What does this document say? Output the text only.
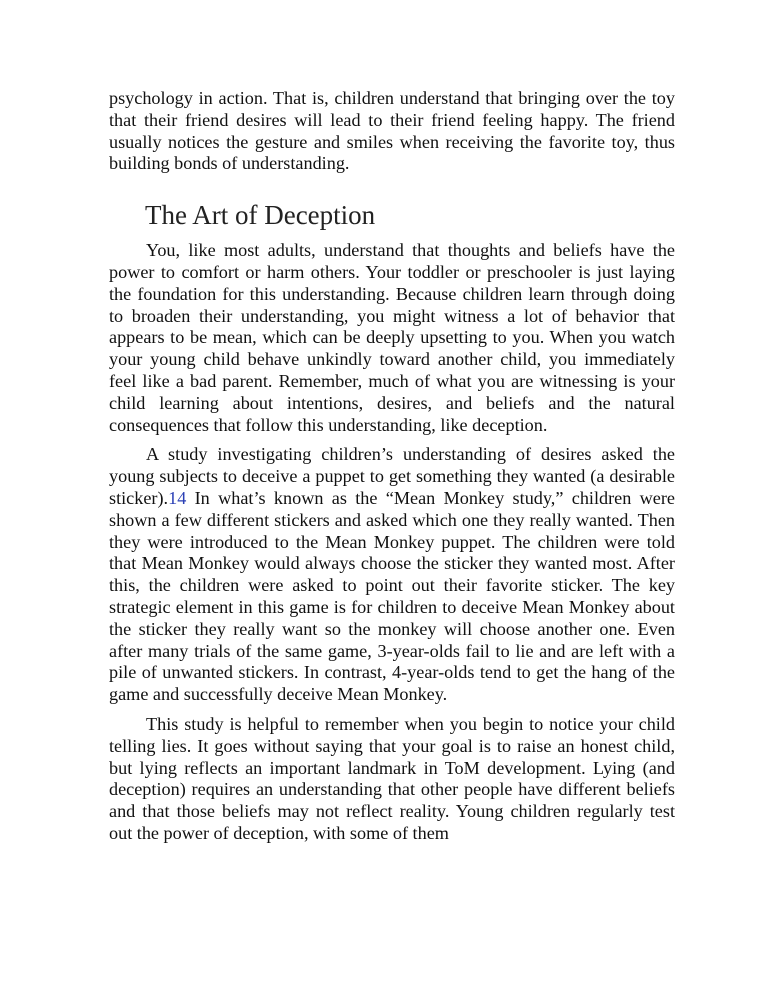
psychology in action. That is, children understand that bringing over the toy that their friend desires will lead to their friend feeling happy. The friend usually notices the gesture and smiles when receiving the favorite toy, thus building bonds of understanding.

The Art of Deception

You, like most adults, understand that thoughts and beliefs have the power to comfort or harm others. Your toddler or preschooler is just laying the foundation for this understanding. Because children learn through doing to broaden their understanding, you might witness a lot of behavior that appears to be mean, which can be deeply upsetting to you. When you watch your young child behave unkindly toward another child, you immediately feel like a bad parent. Remember, much of what you are witnessing is your child learning about intentions, desires, and beliefs and the natural consequences that follow this understanding, like deception.

A study investigating children’s understanding of desires asked the young subjects to deceive a puppet to get something they wanted (a desirable sticker).14 In what’s known as the “Mean Monkey study,” children were shown a few different stickers and asked which one they really wanted. Then they were introduced to the Mean Monkey puppet. The children were told that Mean Monkey would always choose the sticker they wanted most. After this, the children were asked to point out their favorite sticker. The key strategic element in this game is for children to deceive Mean Monkey about the sticker they really want so the monkey will choose another one. Even after many trials of the same game, 3-year-olds fail to lie and are left with a pile of unwanted stickers. In contrast, 4-year-olds tend to get the hang of the game and successfully deceive Mean Monkey.

This study is helpful to remember when you begin to notice your child telling lies. It goes without saying that your goal is to raise an honest child, but lying reflects an important landmark in ToM development. Lying (and deception) requires an understanding that other people have different beliefs and that those beliefs may not reflect reality. Young children regularly test out the power of deception, with some of them
